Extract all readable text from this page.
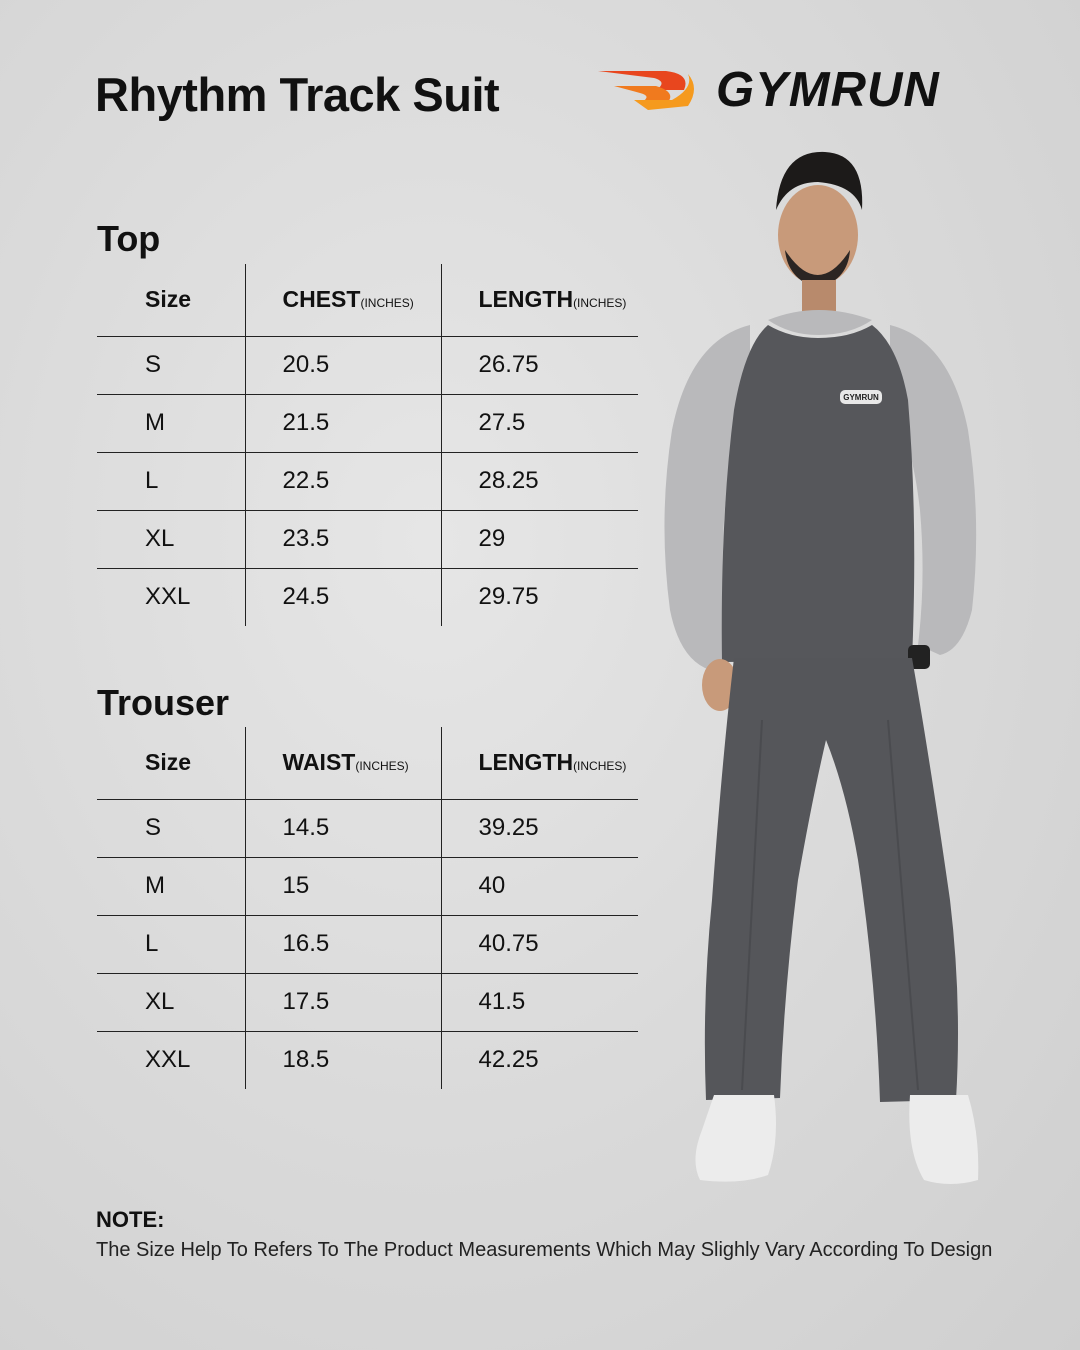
Rhythm Track Suit	GYMRUN
Top
Size	CHEST(INCHES)	LENGTH(INCHES)
S	20.5	26.75
M	21.5	27.5
L	22.5	28.25
XL	23.5	29
XXL	24.5	29.75
Trouser
Size	WAIST(INCHES)	LENGTH(INCHES)
S	14.5	39.25
M	15	40
L	16.5	40.75
XL	17.5	41.5
XXL	18.5	42.25
GYMRUN
NOTE:
The Size Help To Refers To The Product Measurements Which May Slighly Vary According To Design
